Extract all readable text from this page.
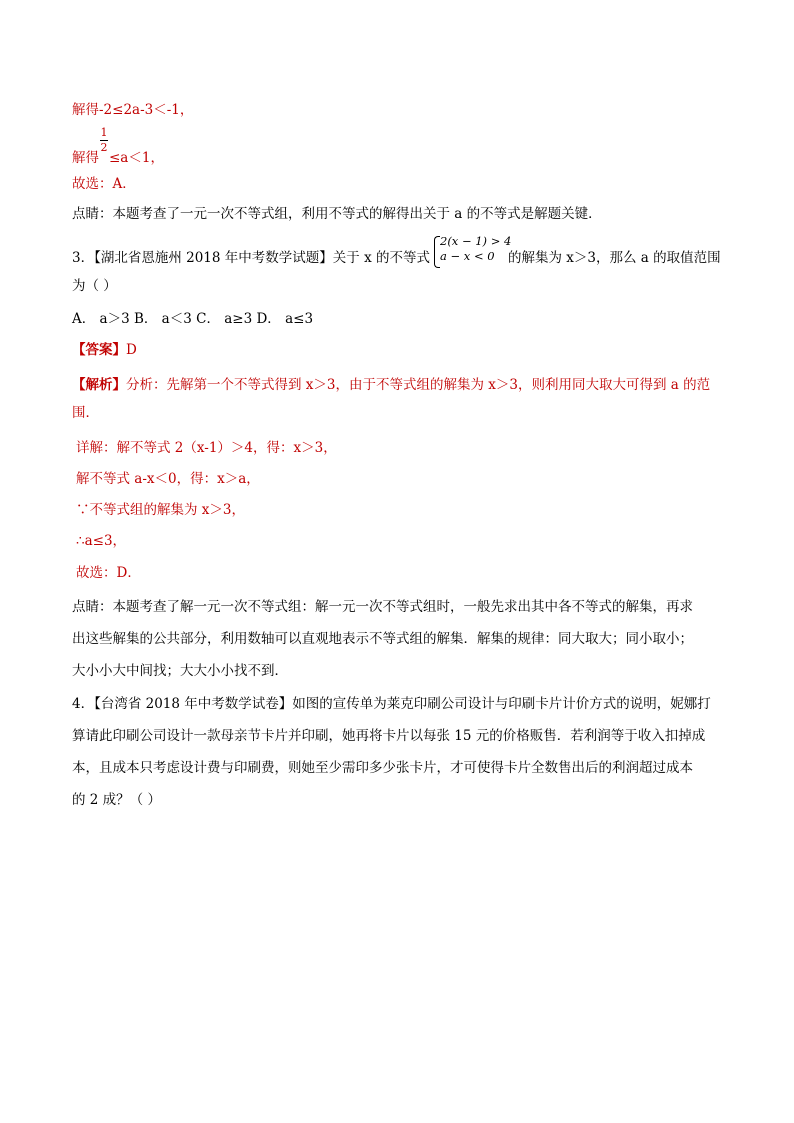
解得-2≤2a-3＜-1，
1
2
解得 ≤a＜1，
故选：A．
点睛：本题考查了一元一次不等式组，利用不等式的解得出关于 a 的不等式是解题关键．
3．【湖北省恩施州 2018 年中考数学试题】关于 x 的不等式
2(x − 1) > 4
a − x < 0 的解集为 x＞3，那么 a 的取值范围
为（ ）
A． a＞3 B． a＜3 C． a≥3 D． a≤3
【答案】D
【解析】分析：先解第一个不等式得到 x＞3，由于不等式组的解集为 x＞3，则利用同大取大可得到 a 的范
围．
详解：解不等式 2（x-1）＞4，得：x＞3，
解不等式 a-x＜0，得：x＞a，
∵不等式组的解集为 x＞3，
∴a≤3，
故选：D．
点睛：本题考查了解一元一次不等式组：解一元一次不等式组时，一般先求出其中各不等式的解集，再求
出这些解集的公共部分，利用数轴可以直观地表示不等式组的解集．解集的规律：同大取大；同小取小；
大小小大中间找；大大小小找不到．
4．【台湾省 2018 年中考数学试卷】如图的宣传单为莱克印刷公司设计与印刷卡片计价方式的说明，妮娜打
算请此印刷公司设计一款母亲节卡片并印刷，她再将卡片以每张 15 元的价格贩售．若利润等于收入扣掉成
本，且成本只考虑设计费与印刷费，则她至少需印多少张卡片，才可使得卡片全数售出后的利润超过成本
的 2 成？（ ）
